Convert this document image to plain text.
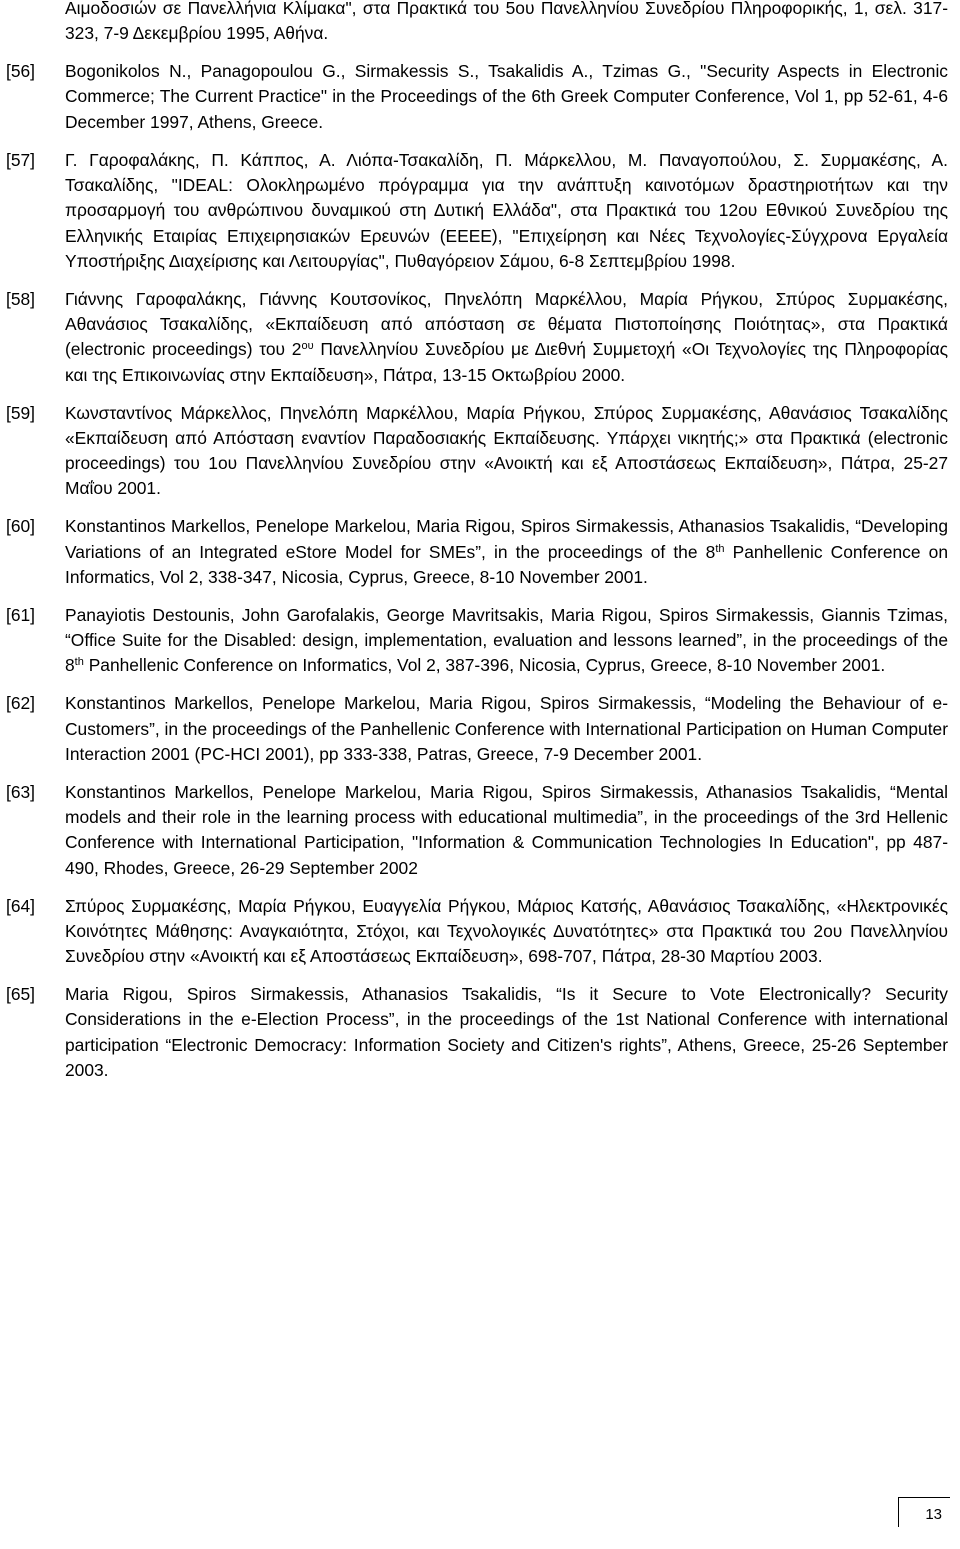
Αιμοδοσιών σε Πανελλήνια Κλίμακα", στα Πρακτικά του 5ου Πανελληνίου Συνεδρίου Πληροφορικής, 1, σελ. 317-323, 7-9 Δεκεμβρίου 1995, Αθήνα.
[56] Bogonikolos N., Panagopoulou G., Sirmakessis S., Tsakalidis A., Tzimas G., "Security Aspects in Electronic Commerce; The Current Practice" in the Proceedings of the 6th Greek Computer Conference, Vol 1, pp 52-61, 4-6 December 1997, Athens, Greece.
[57] Γ. Γαροφαλάκης, Π. Κάππος, Α. Λιόπα-Τσακαλίδη, Π. Μάρκελλου, Μ. Παναγοπούλου, Σ. Συρμακέσης, Α. Τσακαλίδης, "IDEAL: Ολοκληρωμένο πρόγραμμα για την ανάπτυξη καινοτόμων δραστηριοτήτων και την προσαρμογή του ανθρώπινου δυναμικού στη Δυτική Ελλάδα", στα Πρακτικά του 12ου Εθνικού Συνεδρίου της Ελληνικής Εταιρίας Επιχειρησιακών Ερευνών (ΕΕΕΕ), "Επιχείρηση και Νέες Τεχνολογίες-Σύγχρονα Εργαλεία Υποστήριξης Διαχείρισης και Λειτουργίας", Πυθαγόρειον Σάμου, 6-8 Σεπτεμβρίου 1998.
[58] Γιάννης Γαροφαλάκης, Γιάννης Κουτσονίκος, Πηνελόπη Μαρκέλλου, Μαρία Ρήγκου, Σπύρος Συρμακέσης, Αθανάσιος Τσακαλίδης, «Εκπαίδευση από απόσταση σε θέματα Πιστοποίησης Ποιότητας», στα Πρακτικά (electronic proceedings) του $2^{o\upsilon}$ Πανελληνίου Συνεδρίου με Διεθνή Συμμετοχή «Οι Τεχνολογίες της Πληροφορίας και της Επικοινωνίας στην Εκπαίδευση», Πάτρα, 13-15 Οκτωβρίου 2000.
[59] Κωνσταντίνος Μάρκελλος, Πηνελόπη Μαρκέλλου, Μαρία Ρήγκου, Σπύρος Συρμακέσης, Αθανάσιος Τσακαλίδης «Εκπαίδευση από Απόσταση εναντίον Παραδοσιακής Εκπαίδευσης. Υπάρχει νικητής;» στα Πρακτικά (electronic proceedings) του 1ου Πανελληνίου Συνεδρίου στην «Ανοικτή και εξ Αποστάσεως Εκπαίδευση», Πάτρα, 25-27 Μαΐου 2001.
[60] Konstantinos Markellos, Penelope Markelou, Maria Rigou, Spiros Sirmakessis, Athanasios Tsakalidis, “Developing Variations of an Integrated eStore Model for SMEs”, in the proceedings of the 8th Panhellenic Conference on Informatics, Vol 2, 338-347, Nicosia, Cyprus, Greece, 8-10 November 2001.
[61] Panayiotis Destounis, John Garofalakis, George Mavritsakis, Maria Rigou, Spiros Sirmakessis, Giannis Tzimas, “Office Suite for the Disabled: design, implementation, evaluation and lessons learned”, in the proceedings of the 8th Panhellenic Conference on Informatics, Vol 2, 387-396, Nicosia, Cyprus, Greece, 8-10 November 2001.
[62] Konstantinos Markellos, Penelope Markelou, Maria Rigou, Spiros Sirmakessis, “Modeling the Behaviour of e-Customers”, in the proceedings of the Panhellenic Conference with International Participation on Human Computer Interaction 2001 (PC-HCI 2001), pp 333-338, Patras, Greece, 7-9 December 2001.
[63] Konstantinos Markellos, Penelope Markelou, Maria Rigou, Spiros Sirmakessis, Athanasios Tsakalidis, “Mental models and their role in the learning process with educational multimedia”, in the proceedings of the 3rd Hellenic Conference with International Participation, "Information & Communication Technologies In Education", pp 487-490, Rhodes, Greece, 26-29 September 2002
[64] Σπύρος Συρμακέσης, Μαρία Ρήγκου, Ευαγγελία Ρήγκου, Μάριος Κατσής, Αθανάσιος Τσακαλίδης, «Ηλεκτρονικές Κοινότητες Μάθησης: Αναγκαιότητα, Στόχοι, και Τεχνολογικές Δυνατότητες» στα Πρακτικά του 2ου Πανελληνίου Συνεδρίου στην «Ανοικτή και εξ Αποστάσεως Εκπαίδευση», 698-707, Πάτρα, 28-30 Μαρτίου 2003.
[65] Maria Rigou, Spiros Sirmakessis, Athanasios Tsakalidis, “Is it Secure to Vote Electronically? Security Considerations in the e-Election Process”, in the proceedings of the 1st National Conference with international participation “Electronic Democracy: Information Society and Citizen's rights”, Athens, Greece, 25-26 September 2003.
13
